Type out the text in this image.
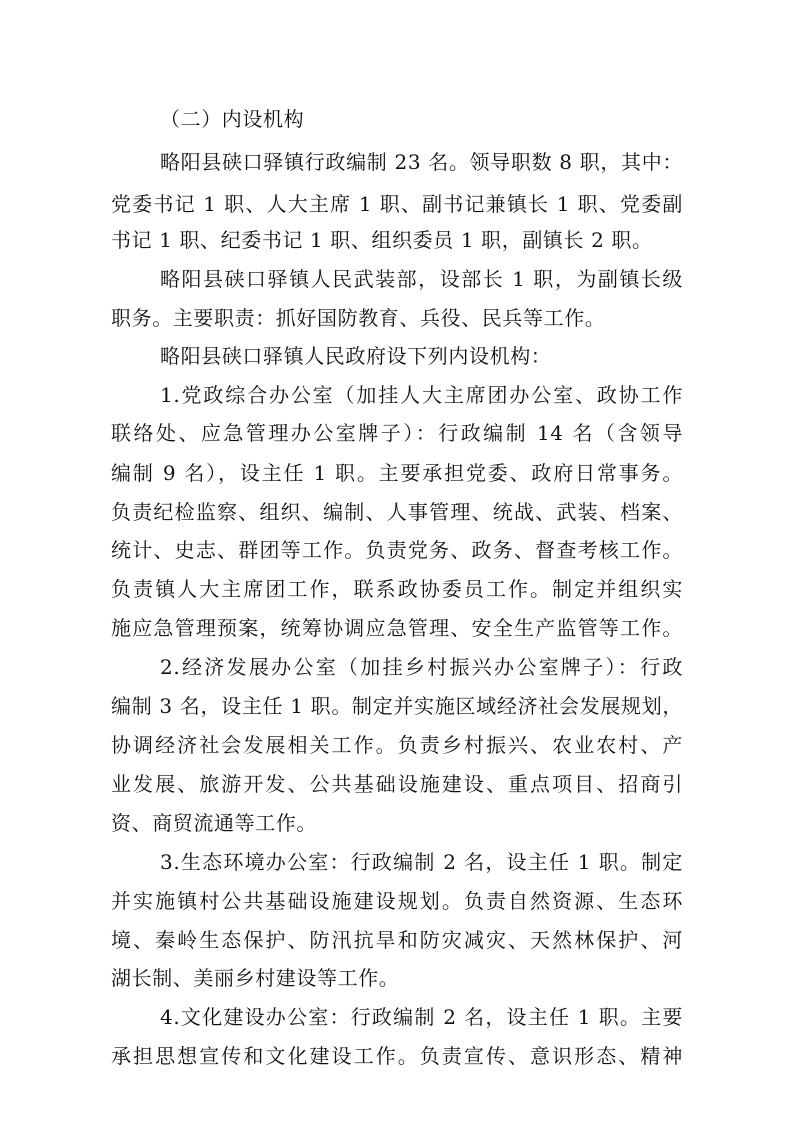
（二）内设机构
略阳县硖口驿镇行政编制 23 名。领导职数 8 职，其中：
党委书记 1 职、人大主席 1 职、副书记兼镇长 1 职、党委副
书记 1 职、纪委书记 1 职、组织委员 1 职，副镇长 2 职。
略阳县硖口驿镇人民武装部，设部长 1 职，为副镇长级
职务。主要职责：抓好国防教育、兵役、民兵等工作。
略阳县硖口驿镇人民政府设下列内设机构：
1.党政综合办公室（加挂人大主席团办公室、政协工作
联络处、应急管理办公室牌子）：行政编制 14 名（含领导
编制 9 名），设主任 1 职。主要承担党委、政府日常事务。
负责纪检监察、组织、编制、人事管理、统战、武装、档案、
统计、史志、群团等工作。负责党务、政务、督查考核工作。
负责镇人大主席团工作，联系政协委员工作。制定并组织实
施应急管理预案，统筹协调应急管理、安全生产监管等工作。
2.经济发展办公室（加挂乡村振兴办公室牌子）：行政
编制 3 名，设主任 1 职。制定并实施区域经济社会发展规划，
协调经济社会发展相关工作。负责乡村振兴、农业农村、产
业发展、旅游开发、公共基础设施建设、重点项目、招商引
资、商贸流通等工作。
3.生态环境办公室：行政编制 2 名，设主任 1 职。制定
并实施镇村公共基础设施建设规划。负责自然资源、生态环
境、秦岭生态保护、防汛抗旱和防灾减灾、天然林保护、河
湖长制、美丽乡村建设等工作。
4.文化建设办公室：行政编制 2 名，设主任 1 职。主要
承担思想宣传和文化建设工作。负责宣传、意识形态、精神
